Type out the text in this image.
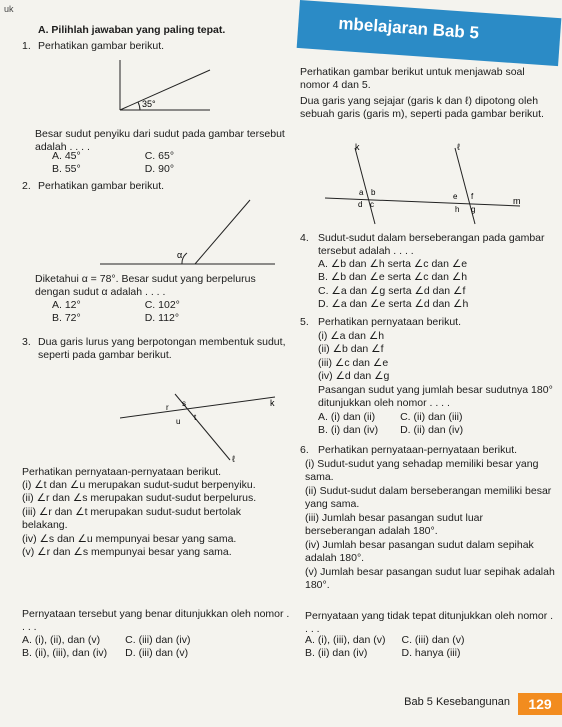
mbelajaran Bab 5
uk
A. Pilihlah jawaban yang paling tepat.
1. Perhatikan gambar berikut.
35°
Besar sudut penyiku dari sudut pada gambar tersebut adalah . . . .
A. 45°	C. 65°
B. 55°	D. 90°
2. Perhatikan gambar berikut.
α
Diketahui α = 78°. Besar sudut yang berpelurus dengan sudut α adalah . . . .
A. 12°	C. 102°
B. 72°	D. 112°
3. Dua garis lurus yang berpotongan membentuk sudut, seperti pada gambar berikut.
k
ℓ
r s
u t
Perhatikan pernyataan-pernyataan berikut.
(i) ∠t dan ∠u merupakan sudut-sudut berpenyiku.
(ii) ∠r dan ∠s merupakan sudut-sudut berpelurus.
(iii) ∠r dan ∠t merupakan sudut-sudut bertolak belakang.
(iv) ∠s dan ∠u mempunyai besar yang sama.
(v) ∠r dan ∠s mempunyai besar yang sama.
Pernyataan tersebut yang benar ditunjukkan oleh nomor . . . .
A. (i), (ii), dan (v)	C. (iii) dan (iv)
B. (ii), (iii), dan (iv) D. (iii) dan (v)
Perhatikan gambar berikut untuk menjawab soal nomor 4 dan 5.
Dua garis yang sejajar (garis k dan ℓ) dipotong oleh sebuah garis (garis m), seperti pada gambar berikut.
k	ℓ
m
a b
c
d
e f
g
h
4. Sudut-sudut dalam berseberangan pada gambar tersebut adalah . . . .
A. ∠b dan ∠h serta ∠c dan ∠e
B. ∠b dan ∠e serta ∠c dan ∠h
C. ∠a dan ∠g serta ∠d dan ∠f
D. ∠a dan ∠e serta ∠d dan ∠h
5. Perhatikan pernyataan berikut.
(i) ∠a dan ∠h
(ii) ∠b dan ∠f
(iii) ∠c dan ∠e
(iv) ∠d dan ∠g
Pasangan sudut yang jumlah besar sudutnya 180° ditunjukkan oleh nomor . . . .
A. (i) dan (ii) C. (ii) dan (iii)
B. (i) dan (iv) D. (ii) dan (iv)
6. Perhatikan pernyataan-pernyataan berikut.
(i) Sudut-sudut yang sehadap memiliki besar yang sama.
(ii) Sudut-sudut dalam berseberangan memiliki besar yang sama.
(iii) Jumlah besar pasangan sudut luar berseberangan adalah 180°.
(iv) Jumlah besar pasangan sudut dalam sepihak adalah 180°.
(v) Jumlah besar pasangan sudut luar sepihak adalah 180°.
Pernyataan yang tidak tepat ditunjukkan oleh nomor . . . .
A. (i), (iii), dan (v) C. (iii) dan (v)
B. (ii) dan (iv)	D. hanya (iii)
Bab 5 Kesebangunan	129
